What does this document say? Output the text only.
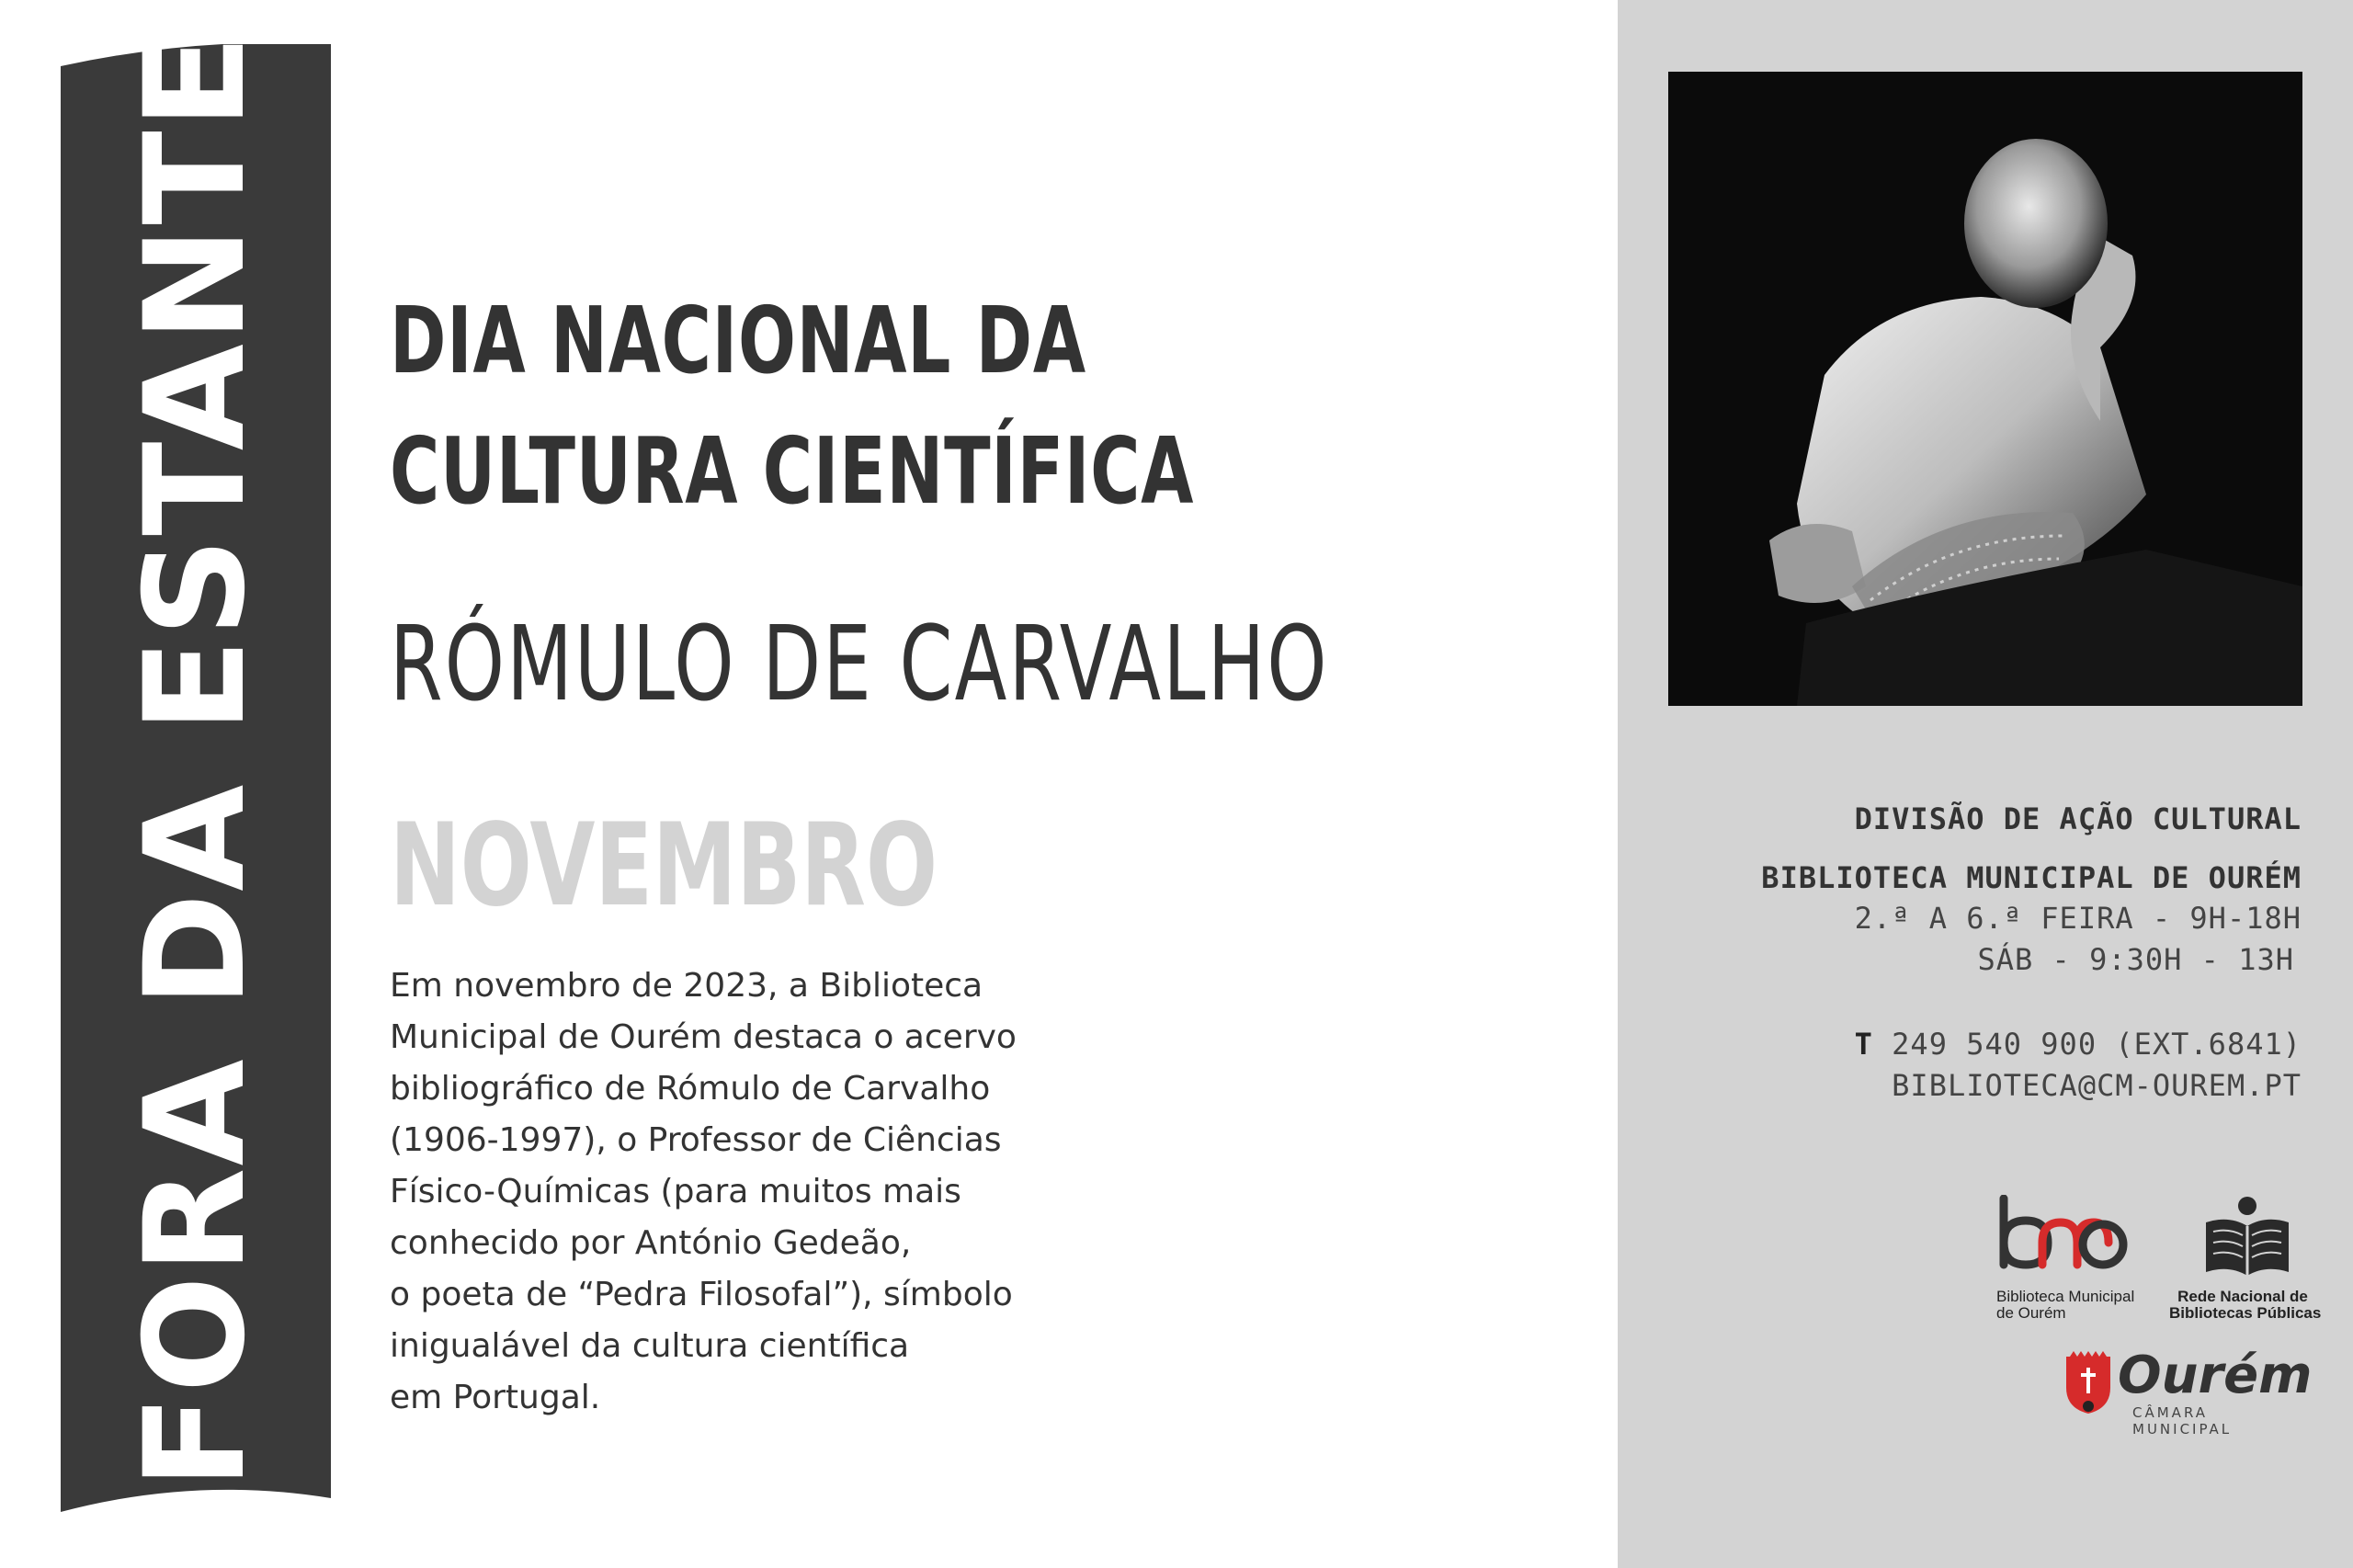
FORA DA ESTANTE DIA NACIONAL DA
CULTURA CIENTÍFICA
RÓMULO DE CARVALHO
NOVEMBRO
Em novembro de 2023, a Biblioteca
Municipal de Ourém destaca o acervo
bibliográfico de Rómulo de Carvalho
(1906-1997), o Professor de Ciências
Físico-Químicas (para muitos mais
conhecido por António Gedeão,
o poeta de “Pedra Filosofal”), símbolo
inigualável da cultura científica
em Portugal.
DIVISÃO DE AÇÃO CULTURAL
BIBLIOTECA MUNICIPAL DE OURÉM
2.ª A 6.ª FEIRA - 9H-18H
SÁB - 9:30H - 13H
T 249 540 900 (EXT.6841)
BIBLIOTECA@CM-OUREM.PT
Biblioteca Municipal
de Ourém
Rede Nacional de
Bibliotecas Públicas
Ourém
CÂMARA MUNICIPAL
